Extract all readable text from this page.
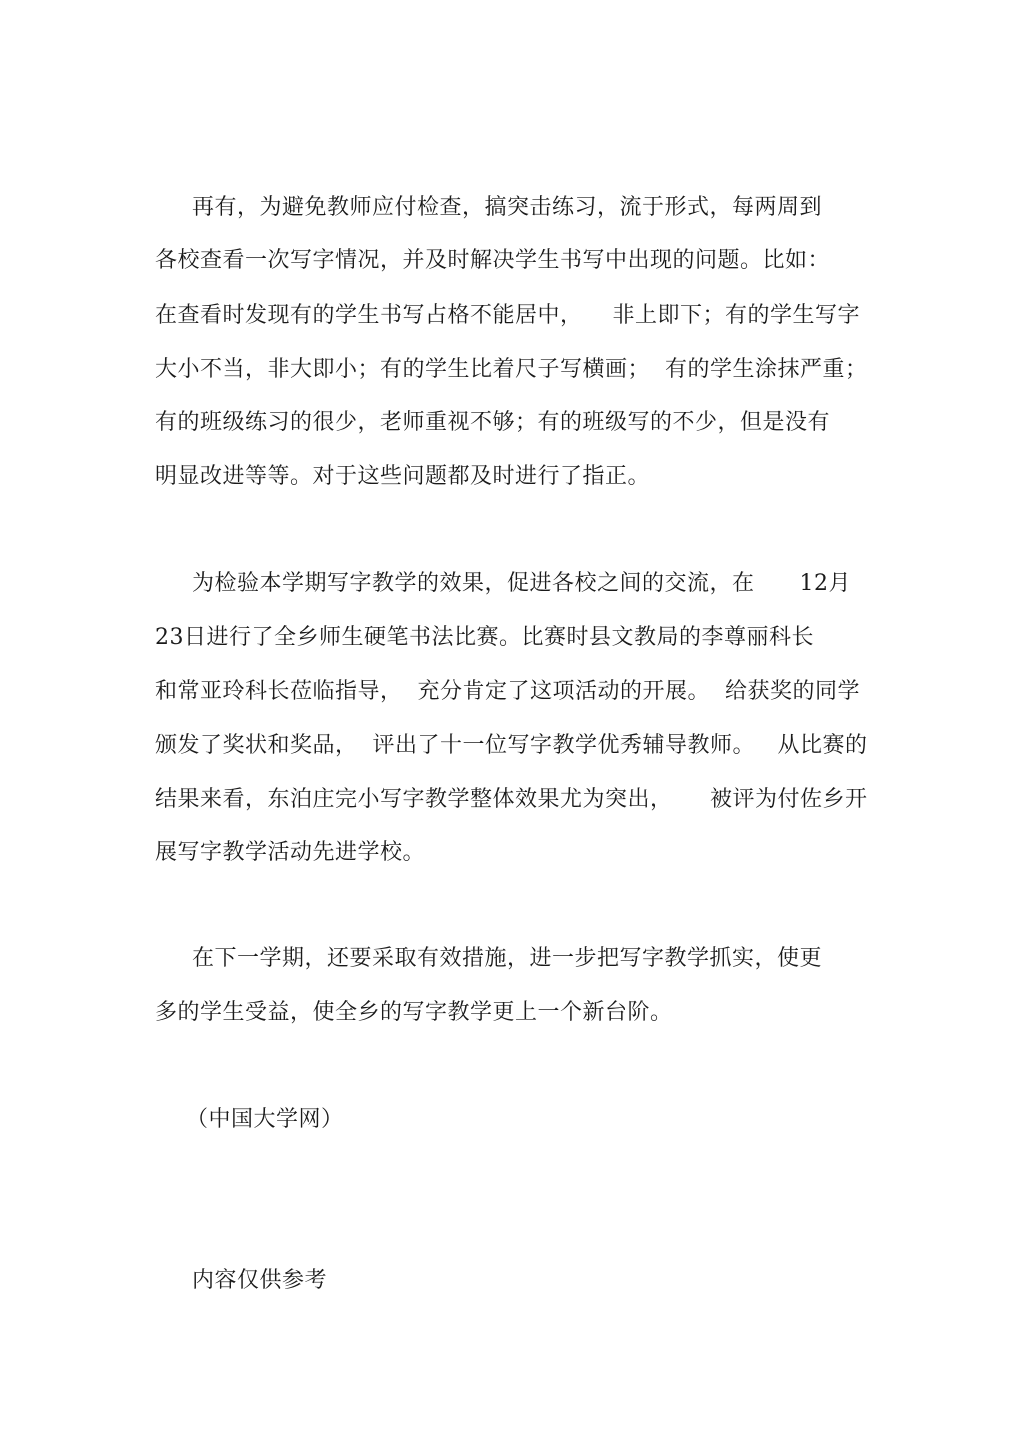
再有，为避免教师应付检查，搞突击练习，流于形式，每两周到
各校查看一次写字情况，并及时解决学生书写中出现的问题。比如：
在查看时发现有的学生书写占格不能居中，    非上即下；有的学生写字
大小不当，非大即小；有的学生比着尺子写横画；  有的学生涂抹严重；
有的班级练习的很少，老师重视不够；有的班级写的不少，但是没有
明显改进等等。对于这些问题都及时进行了指正。
为检验本学期写字教学的效果，促进各校之间的交流，在      12月
23日进行了全乡师生硬笔书法比赛。比赛时县文教局的李尊丽科长
和常亚玲科长莅临指导，  充分肯定了这项活动的开展。  给获奖的同学
颁发了奖状和奖品，  评出了十一位写字教学优秀辅导教师。   从比赛的
结果来看，东泊庄完小写字教学整体效果尤为突出，     被评为付佐乡开
展写字教学活动先进学校。
在下一学期，还要采取有效措施，进一步把写字教学抓实，使更
多的学生受益，使全乡的写字教学更上一个新台阶。
（中国大学网）
内容仅供参考
